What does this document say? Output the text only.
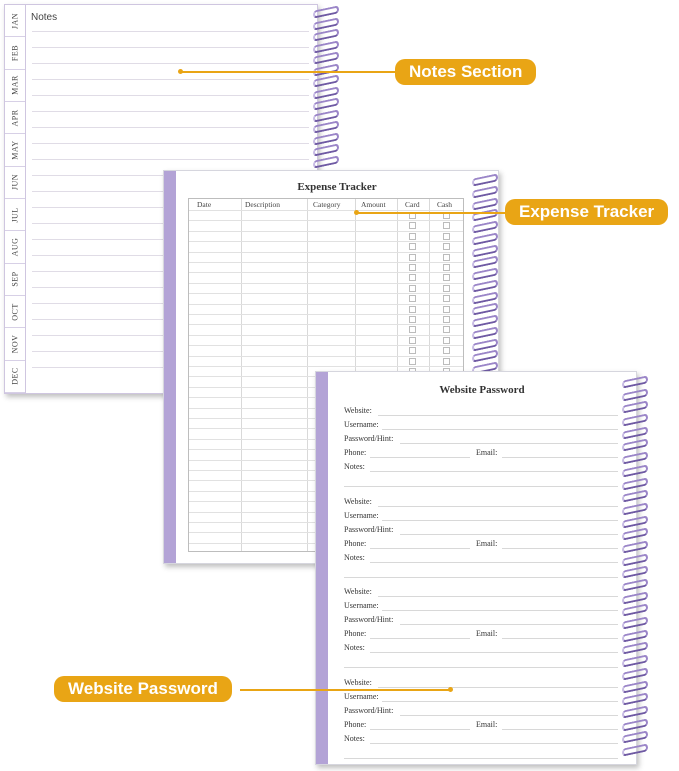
JAN
FEB
MAR
APR
MAY
JUN
JUL
AUG
SEP
OCT
NOV
DEC
Notes
Expense Tracker
Date	Description	Category	Amount	Card Cash
Website Password
Website:
Username:
Password/Hint:
Phone:	Email:
Notes:
Website:
Username:
Password/Hint:
Phone:	Email:
Notes:
Website:
Username:
Password/Hint:
Phone:	Email:
Notes:
Website:
Username:
Password/Hint:
Phone:	Email:
Notes:
Notes Section
Expense Tracker
Website Password
